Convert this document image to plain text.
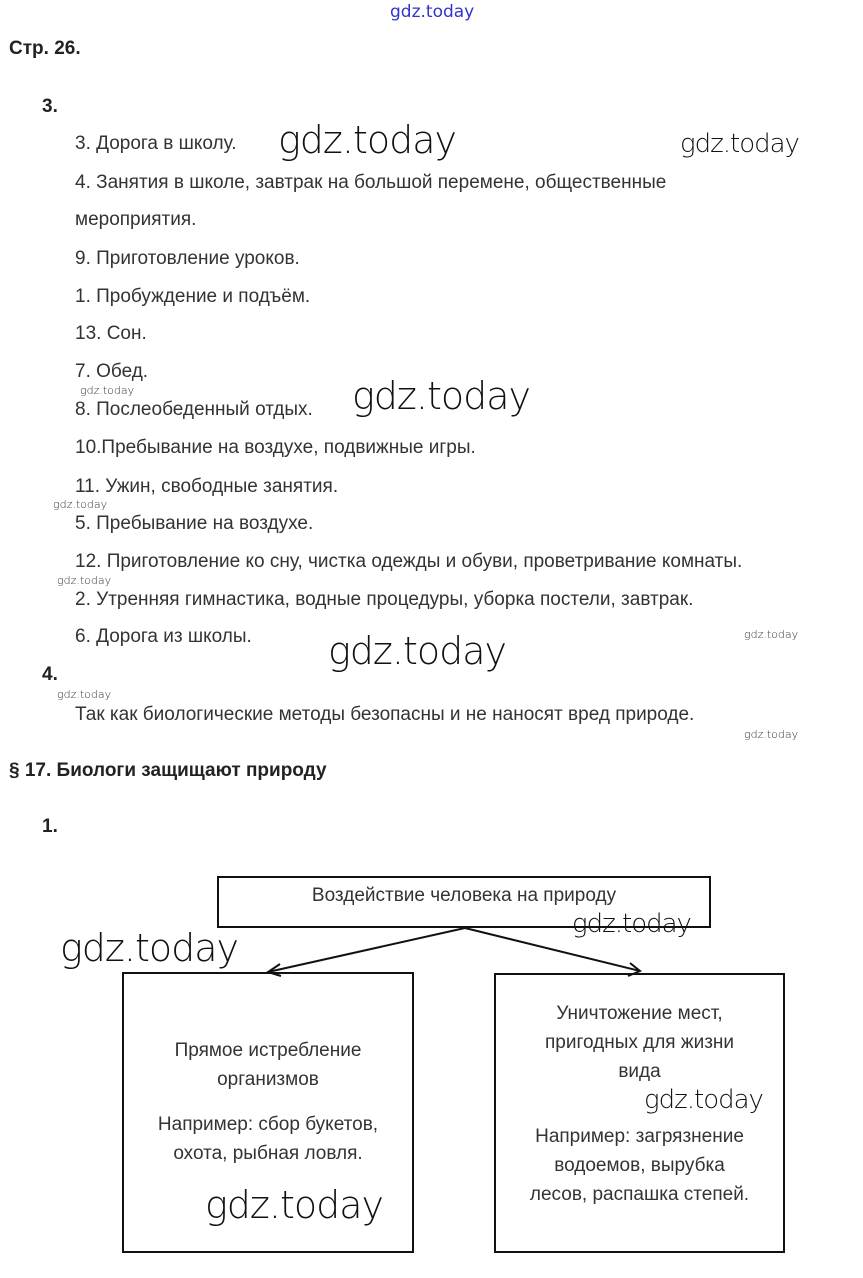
gdz.today
Стр. 26.
3.
3. Дорога в школу.
4. Занятия в школе, завтрак на большой перемене, общественные
мероприятия.
9. Приготовление уроков.
1. Пробуждение и подъём.
13. Сон.
7. Обед.
8. Послеобеденный отдых.
10.Пребывание на воздухе, подвижные игры.
11. Ужин, свободные занятия.
5. Пребывание на воздухе.
12. Приготовление ко сну, чистка одежды и обуви, проветривание комнаты.
2. Утренняя гимнастика, водные процедуры, уборка постели, завтрак.
6. Дорога из школы.
4.
Так как биологические методы безопасны и не наносят вред природе.
§ 17. Биологи защищают природу
1.
Воздействие человека на природу
Прямое истребление
организмов
Например: сбор букетов,
охота, рыбная ловля.
Уничтожение мест,
пригодных для жизни
вида
Например: загрязнение
водоемов, вырубка
лесов, распашка степей.
gdz.today	gdz.today
gdz.today	gdz.today
gdz.today
gdz.today
gdz.today
gdz.today
gdz.today
gdz.today
gdz.today
gdz.today
gdz.today
gdz.today
